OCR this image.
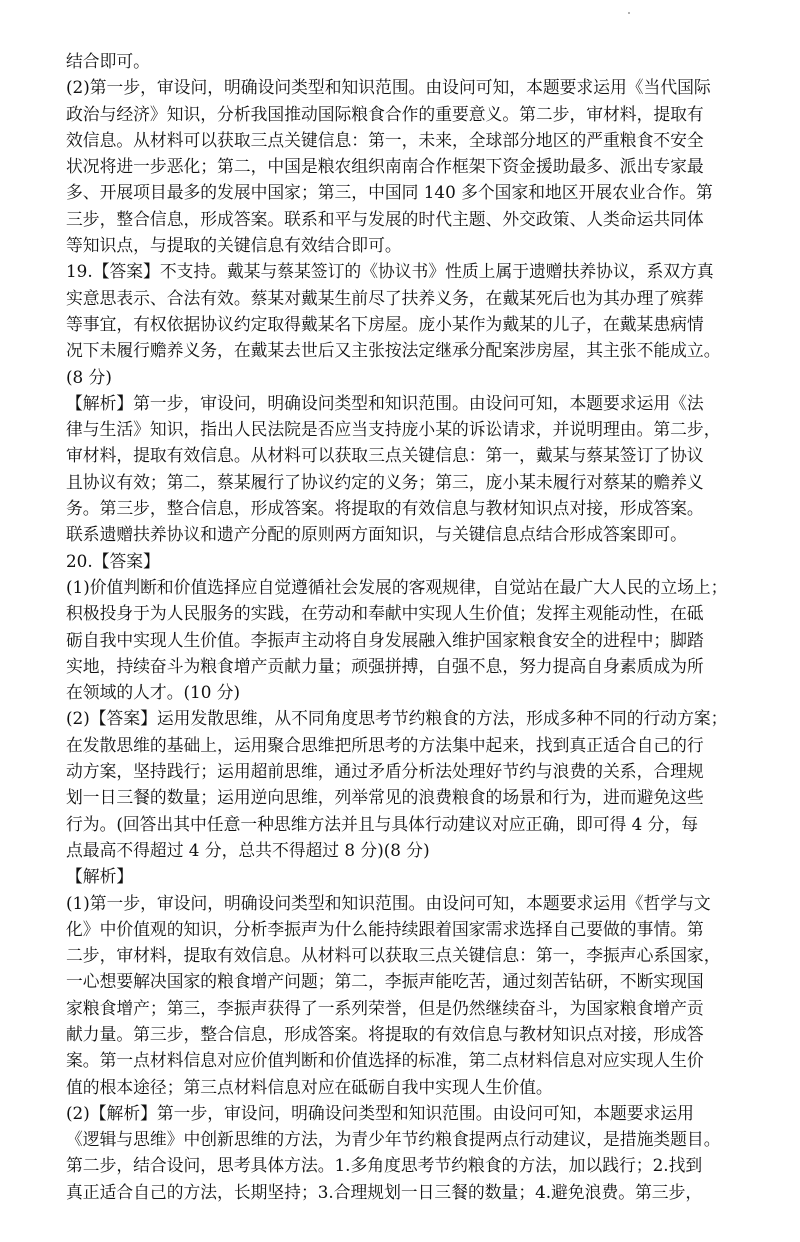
结合即可。
(2)第一步，审设问，明确设问类型和知识范围。由设问可知，本题要求运用《当代国际
政治与经济》知识，分析我国推动国际粮食合作的重要意义。第二步，审材料，提取有
效信息。从材料可以获取三点关键信息：第一，未来，全球部分地区的严重粮食不安全
状况将进一步恶化；第二，中国是粮农组织南南合作框架下资金援助最多、派出专家最
多、开展项目最多的发展中国家；第三，中国同 140 多个国家和地区开展农业合作。第
三步，整合信息，形成答案。联系和平与发展的时代主题、外交政策、人类命运共同体
等知识点，与提取的关键信息有效结合即可。
19.【答案】不支持。戴某与蔡某签订的《协议书》性质上属于遗赠扶养协议，系双方真
实意思表示、合法有效。蔡某对戴某生前尽了扶养义务，在戴某死后也为其办理了殡葬
等事宜，有权依据协议约定取得戴某名下房屋。庞小某作为戴某的儿子，在戴某患病情
况下未履行赡养义务，在戴某去世后又主张按法定继承分配案涉房屋，其主张不能成立。
(8 分)
【解析】第一步，审设问，明确设问类型和知识范围。由设问可知，本题要求运用《法
律与生活》知识，指出人民法院是否应当支持庞小某的诉讼请求，并说明理由。第二步，
审材料，提取有效信息。从材料可以获取三点关键信息：第一，戴某与蔡某签订了协议
且协议有效；第二，蔡某履行了协议约定的义务；第三，庞小某未履行对蔡某的赡养义
务。第三步，整合信息，形成答案。将提取的有效信息与教材知识点对接，形成答案。
联系遗赠扶养协议和遗产分配的原则两方面知识，与关键信息点结合形成答案即可。
20.【答案】
(1)价值判断和价值选择应自觉遵循社会发展的客观规律，自觉站在最广大人民的立场上；
积极投身于为人民服务的实践，在劳动和奉献中实现人生价值；发挥主观能动性，在砥
砺自我中实现人生价值。李振声主动将自身发展融入维护国家粮食安全的进程中；脚踏
实地，持续奋斗为粮食增产贡献力量；顽强拼搏，自强不息，努力提高自身素质成为所
在领域的人才。(10 分)
(2)【答案】运用发散思维，从不同角度思考节约粮食的方法，形成多种不同的行动方案；
在发散思维的基础上，运用聚合思维把所思考的方法集中起来，找到真正适合自己的行
动方案，坚持践行；运用超前思维，通过矛盾分析法处理好节约与浪费的关系，合理规
划一日三餐的数量；运用逆向思维，列举常见的浪费粮食的场景和行为，进而避免这些
行为。(回答出其中任意一种思维方法并且与具体行动建议对应正确，即可得 4 分，每
点最高不得超过 4 分，总共不得超过 8 分)(8 分)
【解析】
(1)第一步，审设问，明确设问类型和知识范围。由设问可知，本题要求运用《哲学与文
化》中价值观的知识，分析李振声为什么能持续跟着国家需求选择自己要做的事情。第
二步，审材料，提取有效信息。从材料可以获取三点关键信息：第一，李振声心系国家，
一心想要解决国家的粮食增产问题；第二，李振声能吃苦，通过刻苦钻研，不断实现国
家粮食增产；第三，李振声获得了一系列荣誉，但是仍然继续奋斗，为国家粮食增产贡
献力量。第三步，整合信息，形成答案。将提取的有效信息与教材知识点对接，形成答
案。第一点材料信息对应价值判断和价值选择的标准，第二点材料信息对应实现人生价
值的根本途径；第三点材料信息对应在砥砺自我中实现人生价值。
(2)【解析】第一步，审设问，明确设问类型和知识范围。由设问可知，本题要求运用
《逻辑与思维》中创新思维的方法，为青少年节约粮食提两点行动建议，是措施类题目。
第二步，结合设问，思考具体方法。1.多角度思考节约粮食的方法，加以践行；2.找到
真正适合自己的方法，长期坚持；3.合理规划一日三餐的数量；4.避免浪费。第三步，
